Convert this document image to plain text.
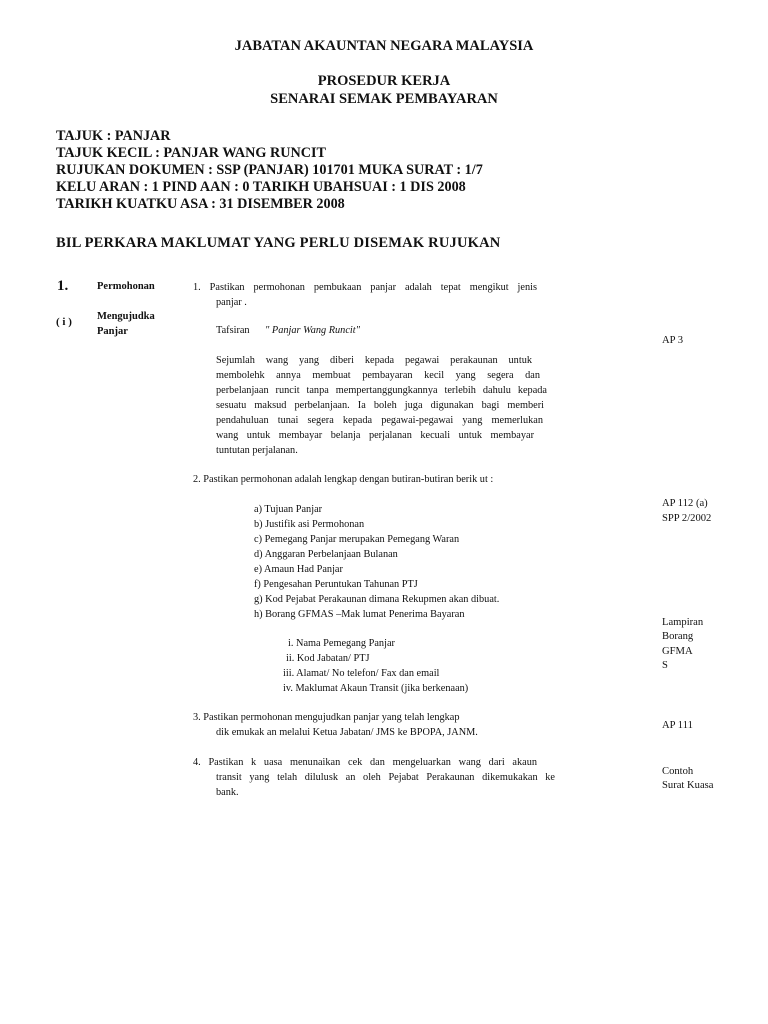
JABATAN AKAUNTAN NEGARA MALAYSIA
PROSEDUR KERJA
SENARAI SEMAK PEMBAYARAN
TAJUK : PANJAR
TAJUK KECIL : PANJAR WANG RUNCIT
RUJUKAN DOKUMEN : SSP (PANJAR) 101701 MUKA SURAT : 1/7
KELU ARAN : 1 PIND AAN : 0 TARIKH UBAHSUAI : 1 DIS 2008
TARIKH KUATKU ASA : 31 DISEMBER 2008
BIL PERKARA MAKLUMAT YANG PERLU DISEMAK RUJUKAN
1.	Permohonan
( i ) Mengujudka
Panjar
1. Pastikan permohonan pembukaan panjar adalah tepat mengikut jenis
panjar .
Tafsiran " Panjar Wang Runcit"
AP 3
Sejumlah wang yang diberi kepada pegawai perakaunan untuk
membolehk annya membuat pembayaran kecil yang segera dan
perbelanjaan runcit tanpa mempertanggungkannya terlebih dahulu kepada
sesuatu maksud perbelanjaan. Ia boleh juga digunakan bagi memberi
pendahuluan tunai segera kepada pegawai-pegawai yang memerlukan
wang untuk membayar belanja perjalanan kecuali untuk membayar
tuntutan perjalanan.
2. Pastikan permohonan adalah lengkap dengan butiran-butiran berik ut :
AP 112 (a)
SPP 2/2002
a) Tujuan Panjar
b) Justifik asi Permohonan
c) Pemegang Panjar merupakan Pemegang Waran
d) Anggaran Perbelanjaan Bulanan
e) Amaun Had Panjar
f) Pengesahan Peruntukan Tahunan PTJ
g) Kod Pejabat Perakaunan dimana Rekupmen akan dibuat.
h) Borang GFMAS –Mak lumat Penerima Bayaran
Lampiran
Borang
GFMA
S
i. Nama Pemegang Panjar
ii. Kod Jabatan/ PTJ
iii. Alamat/ No telefon/ Fax dan email
iv. Maklumat Akaun Transit (jika berkenaan)
3. Pastikan permohonan mengujudkan panjar yang telah lengkap
dik emukak an melalui Ketua Jabatan/ JMS ke BPOPA, JANM.
AP 111
4. Pastikan k uasa menunaikan cek dan mengeluarkan wang dari akaun
transit yang telah dilulusk an oleh Pejabat Perakaunan dikemukakan ke
bank.
Contoh
Surat Kuasa
